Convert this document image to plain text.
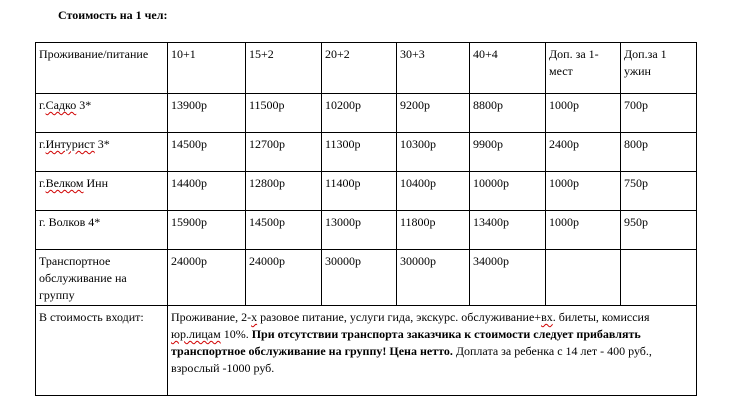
Стоимость на 1 чел:
Проживание/питание	10+1	15+2	20+2	30+3	40+4	Доп. за 1-мест	Доп.за 1 ужин
г.Садко 3*	13900р	11500р	10200р	9200р	8800р	1000р	700р
г.Интурист 3*	14500р	12700р	11300р	10300р	9900р	2400р	800р
г.Велком Инн	14400р	12800р	11400р	10400р	10000р	1000р	750р
г. Волков 4*	15900р	14500р	13000р	11800р	13400р	1000р	950р
Транспортное обслуживание на группу	24000р	24000р	30000р	30000р	34000р		
В стоимость входит:	Проживание, 2-х разовое питание, услуги гида, экскурс. обслуживание+вх. билеты, комиссия юр.лицам 10%. При отсутствии транспорта заказчика к стоимости следует прибавлять транспортное обслуживание на группу! Цена нетто. Доплата за ребенка с 14 лет - 400 руб., взрослый -1000 руб.						
